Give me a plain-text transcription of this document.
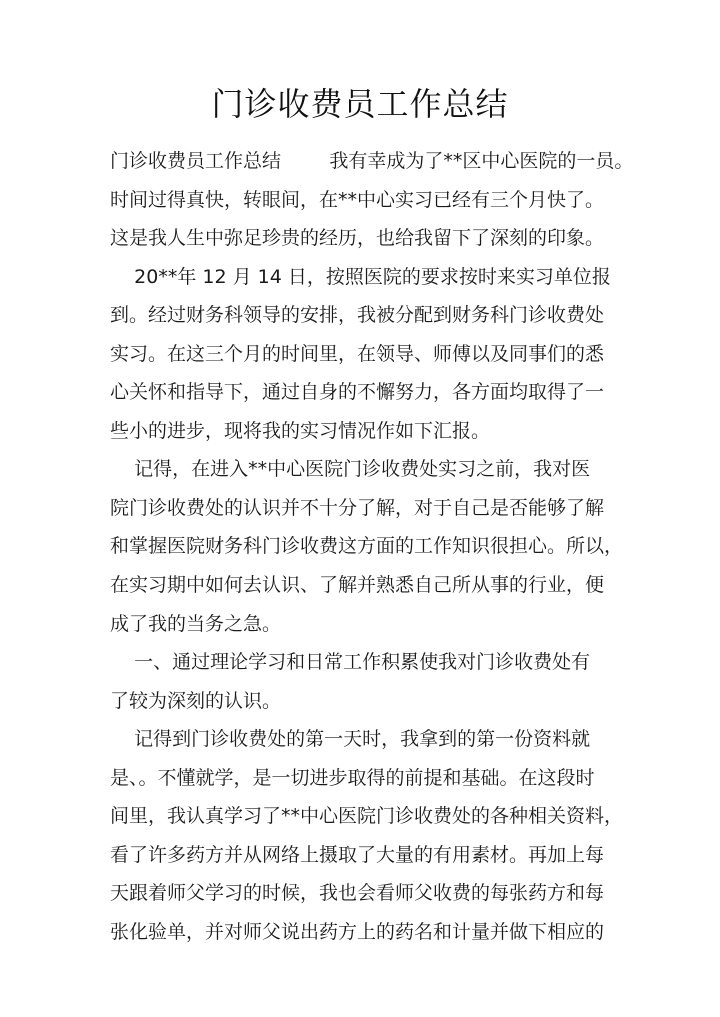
门诊收费员工作总结
门诊收费员工作总结        我有幸成为了**区中心医院的一员。
时间过得真快，转眼间，在**中心实习已经有三个月快了。
这是我人生中弥足珍贵的经历，也给我留下了深刻的印象。
20**年 12 月 14 日，按照医院的要求按时来实习单位报
到。经过财务科领导的安排，我被分配到财务科门诊收费处
实习。在这三个月的时间里，在领导、师傅以及同事们的悉
心关怀和指导下，通过自身的不懈努力，各方面均取得了一
些小的进步，现将我的实习情况作如下汇报。
记得，在进入**中心医院门诊收费处实习之前，我对医
院门诊收费处的认识并不十分了解，对于自己是否能够了解
和掌握医院财务科门诊收费这方面的工作知识很担心。所以，
在实习期中如何去认识、了解并熟悉自己所从事的行业，便
成了我的当务之急。
一、通过理论学习和日常工作积累使我对门诊收费处有
了较为深刻的认识。
记得到门诊收费处的第一天时，我拿到的第一份资料就
是、。不懂就学，是一切进步取得的前提和基础。在这段时
间里，我认真学习了**中心医院门诊收费处的各种相关资料，
看了许多药方并从网络上摄取了大量的有用素材。再加上每
天跟着师父学习的时候，我也会看师父收费的每张药方和每
张化验单，并对师父说出药方上的药名和计量并做下相应的
